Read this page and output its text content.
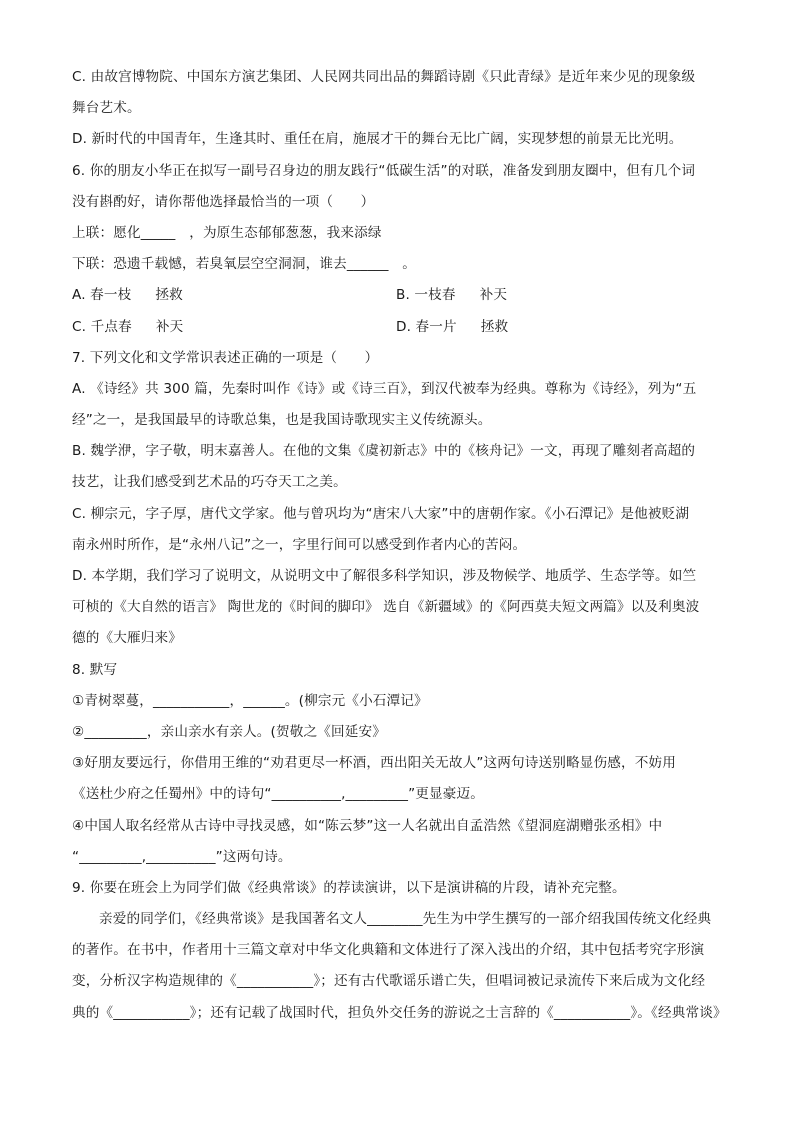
C. 由故宫博物院、中国东方演艺集团、人民网共同出品的舞蹈诗剧《只此青绿》是近年来少见的现象级
舞台艺术。
D. 新时代的中国青年，生逢其时、重任在肩，施展才干的舞台无比广阔，实现梦想的前景无比光明。
6. 你的朋友小华正在拟写一副号召身边的朋友践行“低碳生活”的对联，准备发到朋友圈中，但有几个词
没有斟酌好，请你帮他选择最恰当的一项（　　）
上联：愿化_____　，为原生态郁郁葱葱，我来添绿
下联：恐遗千载憾，若臭氧层空空洞洞，谁去______　。
A. 春一枝 拯救	B. 一枝春 补天
C. 千点春 补天	D. 春一片 拯救
7. 下列文化和文学常识表述正确的一项是（　　）
A. 《诗经》共 300 篇，先秦时叫作《诗》或《诗三百》，到汉代被奉为经典。尊称为《诗经》，列为“五
经”之一，是我国最早的诗歌总集，也是我国诗歌现实主义传统源头。
B. 魏学洢，字子敬，明末嘉善人。在他的文集《虞初新志》中的《核舟记》一文，再现了雕刻者高超的
技艺，让我们感受到艺术品的巧夺天工之美。
C. 柳宗元，字子厚，唐代文学家。他与曾巩均为“唐宋八大家”中的唐朝作家。《小石潭记》是他被贬湖
南永州时所作，是“永州八记”之一，字里行间可以感受到作者内心的苦闷。
D. 本学期，我们学习了说明文，从说明文中了解很多科学知识，涉及物候学、地质学、生态学等。如竺
可桢的《大自然的语言》 陶世龙的《时间的脚印》 选自《新疆域》的《阿西莫夫短文两篇》以及利奥波
德的《大雁归来》
8. 默写
①青树翠蔓，___________，______。(柳宗元《小石潭记》
②_________，亲山亲水有亲人。(贺敬之《回延安》
③好朋友要远行，你借用王维的“劝君更尽一杯酒，西出阳关无故人”这两句诗送别略显伤感，不妨用
《送杜少府之任蜀州》中的诗句“__________,_________”更显豪迈。
④中国人取名经常从古诗中寻找灵感，如“陈云梦”这一人名就出自孟浩然《望洞庭湖赠张丞相》中
“_________,__________”这两句诗。
9. 你要在班会上为同学们做《经典常谈》的荐读演讲，以下是演讲稿的片段，请补充完整。
亲爱的同学们，《经典常谈》是我国著名文人________先生为中学生撰写的一部介绍我国传统文化经典
的著作。在书中，作者用十三篇文章对中华文化典籍和文体进行了深入浅出的介绍，其中包括考究字形演
变，分析汉字构造规律的《___________》；还有古代歌谣乐谱亡失，但唱词被记录流传下来后成为文化经
典的《___________》；还有记载了战国时代，担负外交任务的游说之士言辞的《___________》。《经典常谈》
